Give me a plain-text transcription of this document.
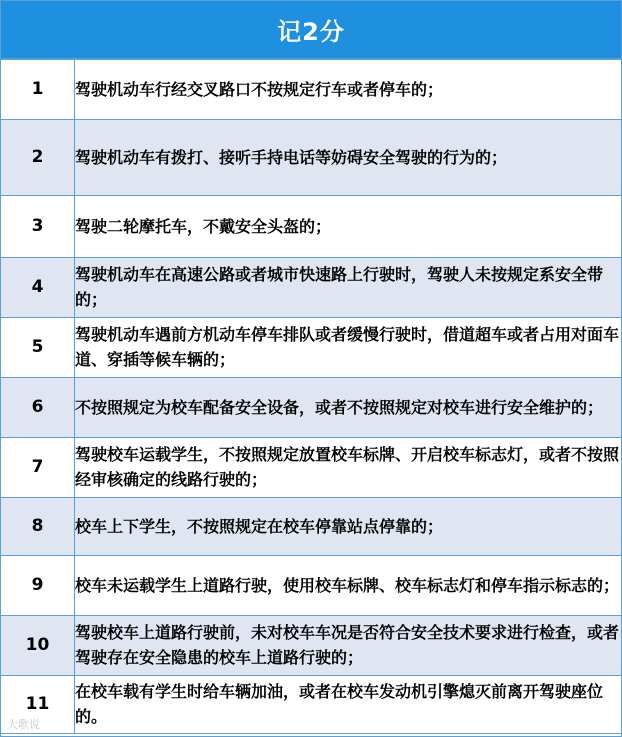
记2分
1	驾驶机动车行经交叉路口不按规定行车或者停车的；
2	驾驶机动车有拨打、接听手持电话等妨碍安全驾驶的行为的；
3	驾驶二轮摩托车，不戴安全头盔的；
4	驾驶机动车在高速公路或者城市快速路上行驶时，驾驶人未按规定系安全带的；
5	驾驶机动车遇前方机动车停车排队或者缓慢行驶时，借道超车或者占用对面车道、穿插等候车辆的；
6	不按照规定为校车配备安全设备，或者不按照规定对校车进行安全维护的；
7	驾驶校车运载学生，不按照规定放置校车标牌、开启校车标志灯，或者不按照经审核确定的线路行驶的；
8	校车上下学生，不按照规定在校车停靠站点停靠的；
9	校车未运载学生上道路行驶，使用校车标牌、校车标志灯和停车指示标志的；
10	驾驶校车上道路行驶前，未对校车车况是否符合安全技术要求进行检查，或者驾驶存在安全隐患的校车上道路行驶的；
11	在校车载有学生时给车辆加油，或者在校车发动机引擎熄灭前离开驾驶座位的。
大歌说
